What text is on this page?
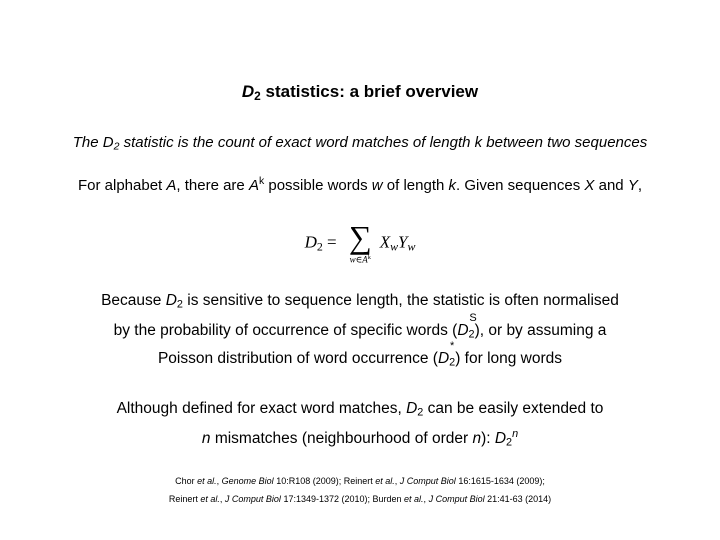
$D_2$ statistics: a brief overview
The $D_2$ statistic is the count of exact word matches of length k between two sequences
For alphabet A, there are $A^k$ possible words w of length k. Given sequences X and Y,
$D_2$ = ∑
$w\in A^k$
$X_wY_w$
Because $D_2$ is sensitive to sequence length, the statistic is often normalised
by the probability of occurrence of specific words (
S
$D_2$), or by assuming a
Poisson distribution of word occurrence (
*
$D_2$) for long words
Although defined for exact word matches, $D_2$ can be easily extended to
n mismatches (neighbourhood of order n): $D_2^n$
Chor et al., Genome Biol 10:R108 (2009); Reinert et al., J Comput Biol 16:1615-1634 (2009);
Reinert et al., J Comput Biol 17:1349-1372 (2010); Burden et al., J Comput Biol 21:41-63 (2014)
